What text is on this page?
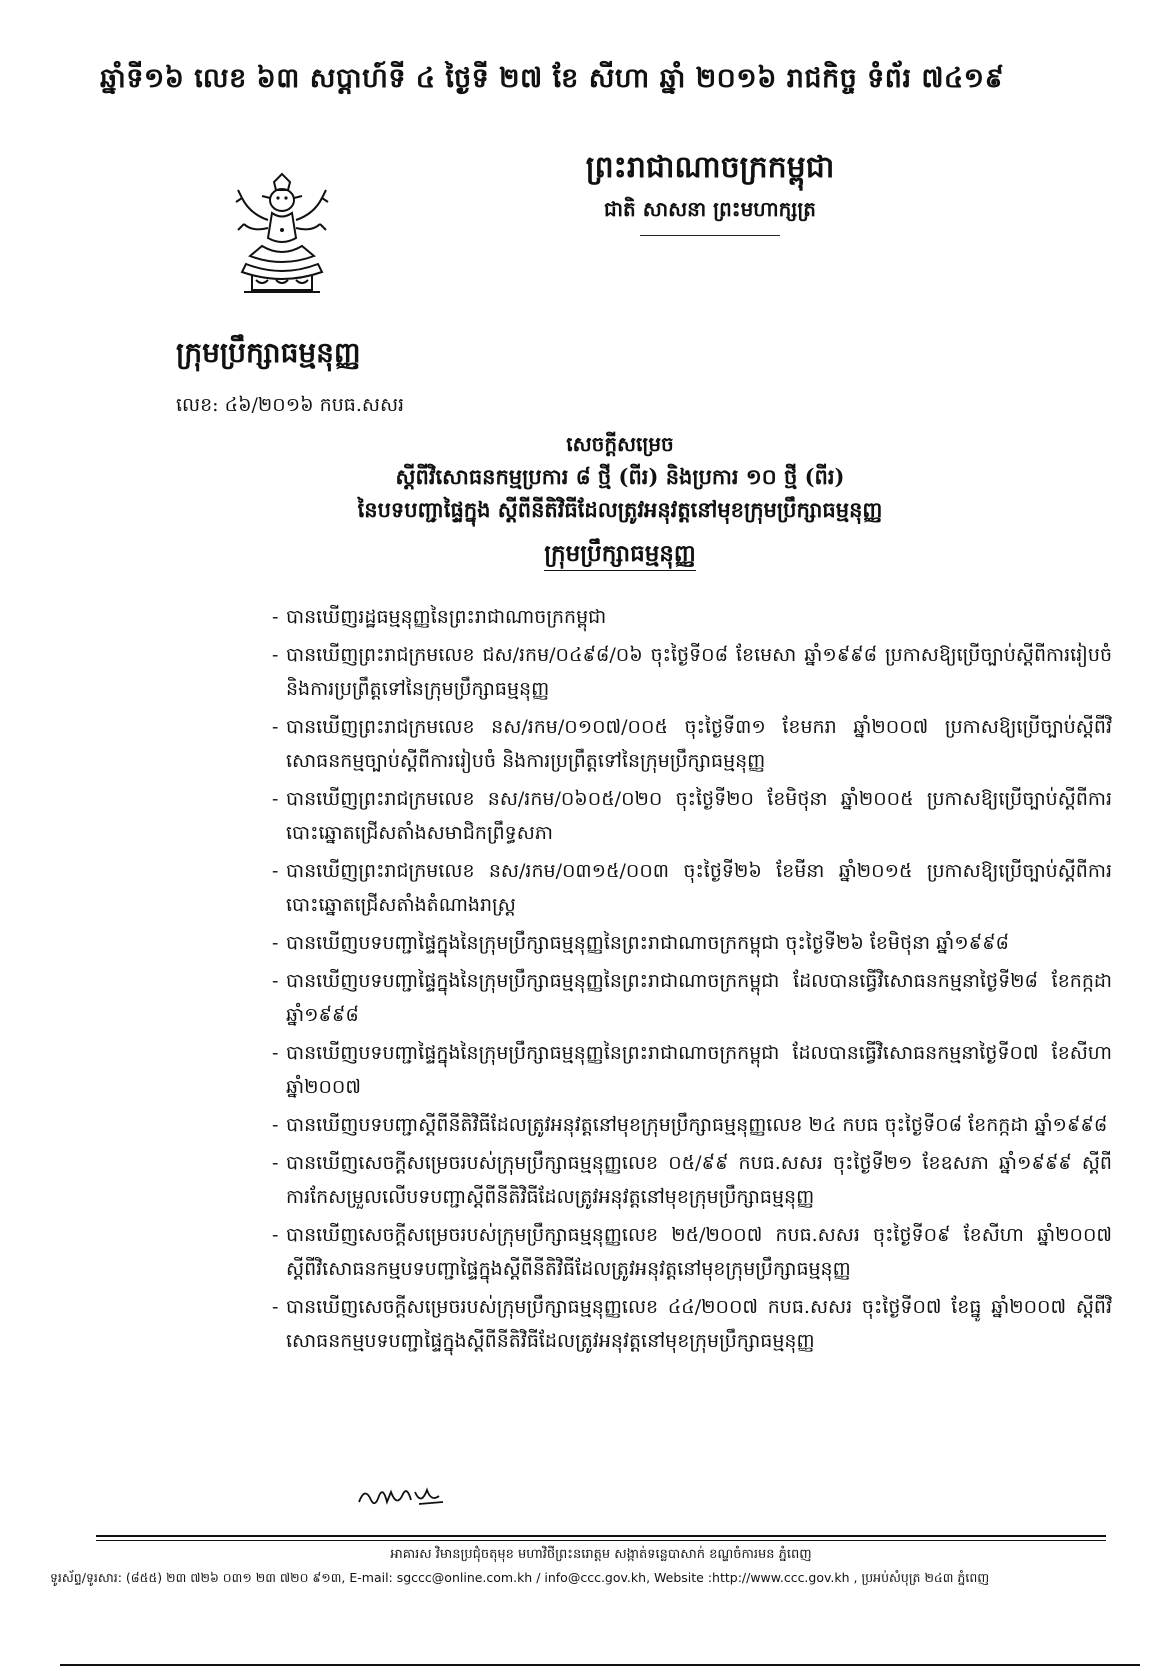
ឆ្នាំទី១៦ លេខ ៦៣ សប្តាហ៍ទី ៤ ថ្ងៃទី ២៧ ខែ សីហា ឆ្នាំ ២០១៦ រាជកិច្ច ទំព័រ ៧៤១៩
ព្រះរាជាណាចក្រកម្ពុជា
ជាតិ សាសនា ព្រះមហាក្សត្រ
ក្រុមប្រឹក្សាធម្មនុញ្ញ
លេខ: ៤៦/២០១៦ កបធ.សសរ
សេចក្តីសម្រេច
ស្តីពីវិសោធនកម្មប្រការ ៨ ថ្មី (ពីរ) និងប្រការ ១០ ថ្មី (ពីរ)
នៃបទបញ្ជាផ្ទៃក្នុង ស្តីពីនីតិវិធីដែលត្រូវអនុវត្តនៅមុខក្រុមប្រឹក្សាធម្មនុញ្ញ
ក្រុមប្រឹក្សាធម្មនុញ្ញ
- បានឃើញរដ្ឋធម្មនុញ្ញនៃព្រះរាជាណាចក្រកម្ពុជា
- បានឃើញព្រះរាជក្រមលេខ ជស/រកម/០៤៩៨/០៦ ចុះថ្ងៃទី០៨ ខែមេសា ឆ្នាំ១៩៩៨ ប្រកាសឱ្យប្រើច្បាប់ស្តីពីការរៀបចំ និងការប្រព្រឹត្តទៅនៃក្រុមប្រឹក្សាធម្មនុញ្ញ
- បានឃើញព្រះរាជក្រមលេខ នស/រកម/០១០៧/០០៥ ចុះថ្ងៃទី៣១ ខែមករា ឆ្នាំ២០០៧ ប្រកាសឱ្យប្រើច្បាប់ស្តីពីវិសោធនកម្មច្បាប់ស្តីពីការរៀបចំ និងការប្រព្រឹត្តទៅនៃក្រុមប្រឹក្សាធម្មនុញ្ញ
- បានឃើញព្រះរាជក្រមលេខ នស/រកម/០៦០៥/០២០ ចុះថ្ងៃទី២០ ខែមិថុនា ឆ្នាំ២០០៥ ប្រកាសឱ្យប្រើច្បាប់ស្តីពីការបោះឆ្នោតជ្រើសតាំងសមាជិកព្រឹទ្ធសភា
- បានឃើញព្រះរាជក្រមលេខ នស/រកម/០៣១៥/០០៣ ចុះថ្ងៃទី២៦ ខែមីនា ឆ្នាំ២០១៥ ប្រកាសឱ្យប្រើច្បាប់ស្តីពីការបោះឆ្នោតជ្រើសតាំងតំណាងរាស្ត្រ
- បានឃើញបទបញ្ជាផ្ទៃក្នុងនៃក្រុមប្រឹក្សាធម្មនុញ្ញនៃព្រះរាជាណាចក្រកម្ពុជា ចុះថ្ងៃទី២៦ ខែមិថុនា ឆ្នាំ១៩៩៨
- បានឃើញបទបញ្ជាផ្ទៃក្នុងនៃក្រុមប្រឹក្សាធម្មនុញ្ញនៃព្រះរាជាណាចក្រកម្ពុជា ដែលបានធ្វើវិសោធនកម្មនាថ្ងៃទី២៨ ខែកក្កដា ឆ្នាំ១៩៩៨
- បានឃើញបទបញ្ជាផ្ទៃក្នុងនៃក្រុមប្រឹក្សាធម្មនុញ្ញនៃព្រះរាជាណាចក្រកម្ពុជា ដែលបានធ្វើវិសោធនកម្មនាថ្ងៃទី០៧ ខែសីហា ឆ្នាំ២០០៧
- បានឃើញបទបញ្ជាស្តីពីនីតិវិធីដែលត្រូវអនុវត្តនៅមុខក្រុមប្រឹក្សាធម្មនុញ្ញលេខ ២៤ កបធ ចុះថ្ងៃទី០៨ ខែកក្កដា ឆ្នាំ១៩៩៨
- បានឃើញសេចក្តីសម្រេចរបស់ក្រុមប្រឹក្សាធម្មនុញ្ញលេខ ០៥/៩៩ កបធ.សសរ ចុះថ្ងៃទី២១ ខែឧសភា ឆ្នាំ១៩៩៩ ស្តីពីការកែសម្រួលលើបទបញ្ជាស្តីពីនីតិវិធីដែលត្រូវអនុវត្តនៅមុខក្រុមប្រឹក្សាធម្មនុញ្ញ
- បានឃើញសេចក្តីសម្រេចរបស់ក្រុមប្រឹក្សាធម្មនុញ្ញលេខ ២៥/២០០៧ កបធ.សសរ ចុះថ្ងៃទី០៩ ខែសីហា ឆ្នាំ២០០៧ ស្តីពីវិសោធនកម្មបទបញ្ជាផ្ទៃក្នុងស្តីពីនីតិវិធីដែលត្រូវអនុវត្តនៅមុខក្រុមប្រឹក្សាធម្មនុញ្ញ
- បានឃើញសេចក្តីសម្រេចរបស់ក្រុមប្រឹក្សាធម្មនុញ្ញលេខ ៤៤/២០០៧ កបធ.សសរ ចុះថ្ងៃទី០៧ ខែធ្នូ ឆ្នាំ២០០៧ ស្តីពីវិសោធនកម្មបទបញ្ជាផ្ទៃក្នុងស្តីពីនីតិវិធីដែលត្រូវអនុវត្តនៅមុខក្រុមប្រឹក្សាធម្មនុញ្ញ
អាគារស វិមានប្រជុំចតុមុខ មហាវិថីព្រះនរោត្តម សង្កាត់ទន្លេបាសាក់ ខណ្ឌចំការមន ភ្នំពេញ
ទូរស័ព្ទ/ទូរសារ: (៨៥៥) ២៣ ៧២៦ ០៣១ ២៣ ៧២០ ៩១៣, E-mail: sgccc@online.com.kh / info@ccc.gov.kh, Website :http://www.ccc.gov.kh , ប្រអប់សំបុត្រ ២៤៣ ភ្នំពេញ
